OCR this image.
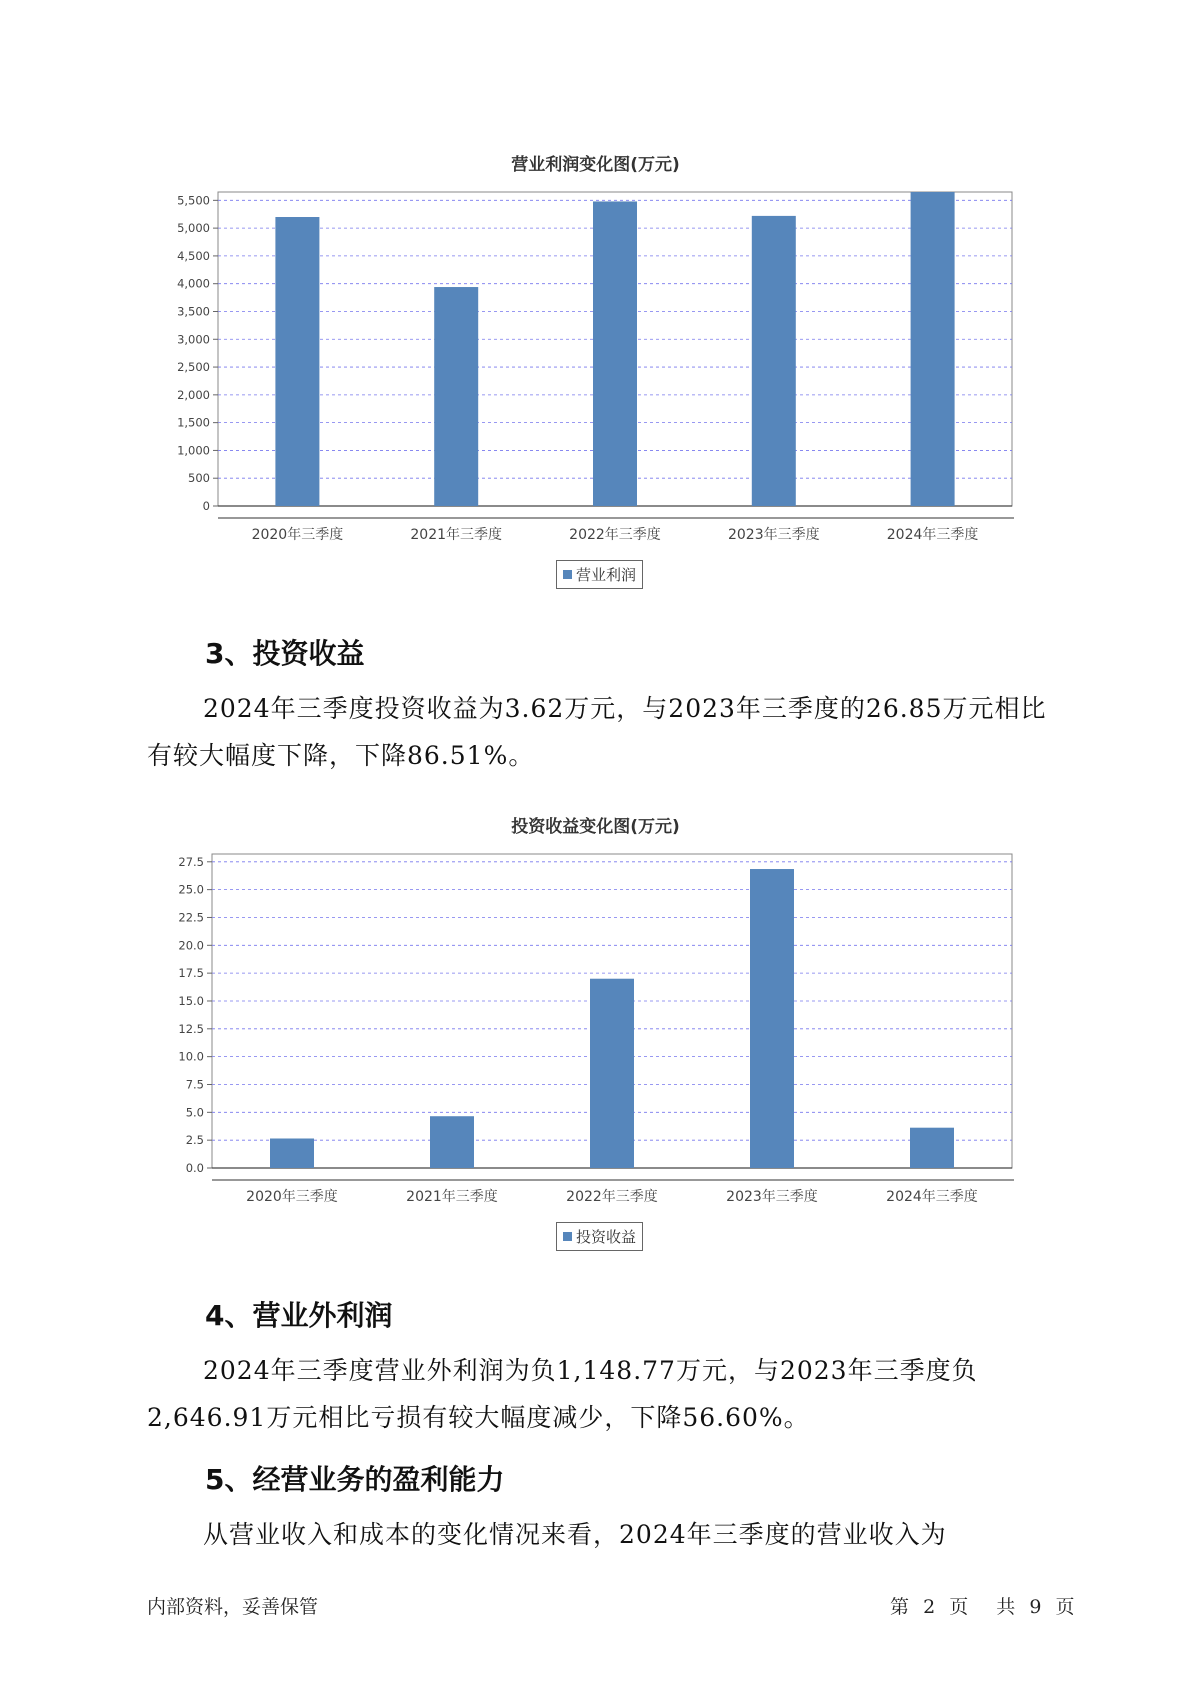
营业利润变化图(万元)
0
500
1,000
1,500
2,000
2,500
3,000
3,500
4,000
4,500
5,000
5,500
2020年三季度	2021年三季度	2022年三季度	2023年三季度	2024年三季度
营业利润
3、投资收益
2024年三季度投资收益为3.62万元，与2023年三季度的26.85万元相比有较大幅度下降，下降86.51%。
投资收益变化图(万元)
0.0
2.5
5.0
7.5
10.0
12.5
15.0
17.5
20.0
22.5
25.0
27.5
2020年三季度	2021年三季度	2022年三季度	2023年三季度	2024年三季度
投资收益
4、营业外利润
2024年三季度营业外利润为负1,148.77万元，与2023年三季度负2,646.91万元相比亏损有较大幅度减少，下降56.60%。
5、经营业务的盈利能力
从营业收入和成本的变化情况来看，2024年三季度的营业收入为
内部资料，妥善保管	第 2 页 共 9 页
